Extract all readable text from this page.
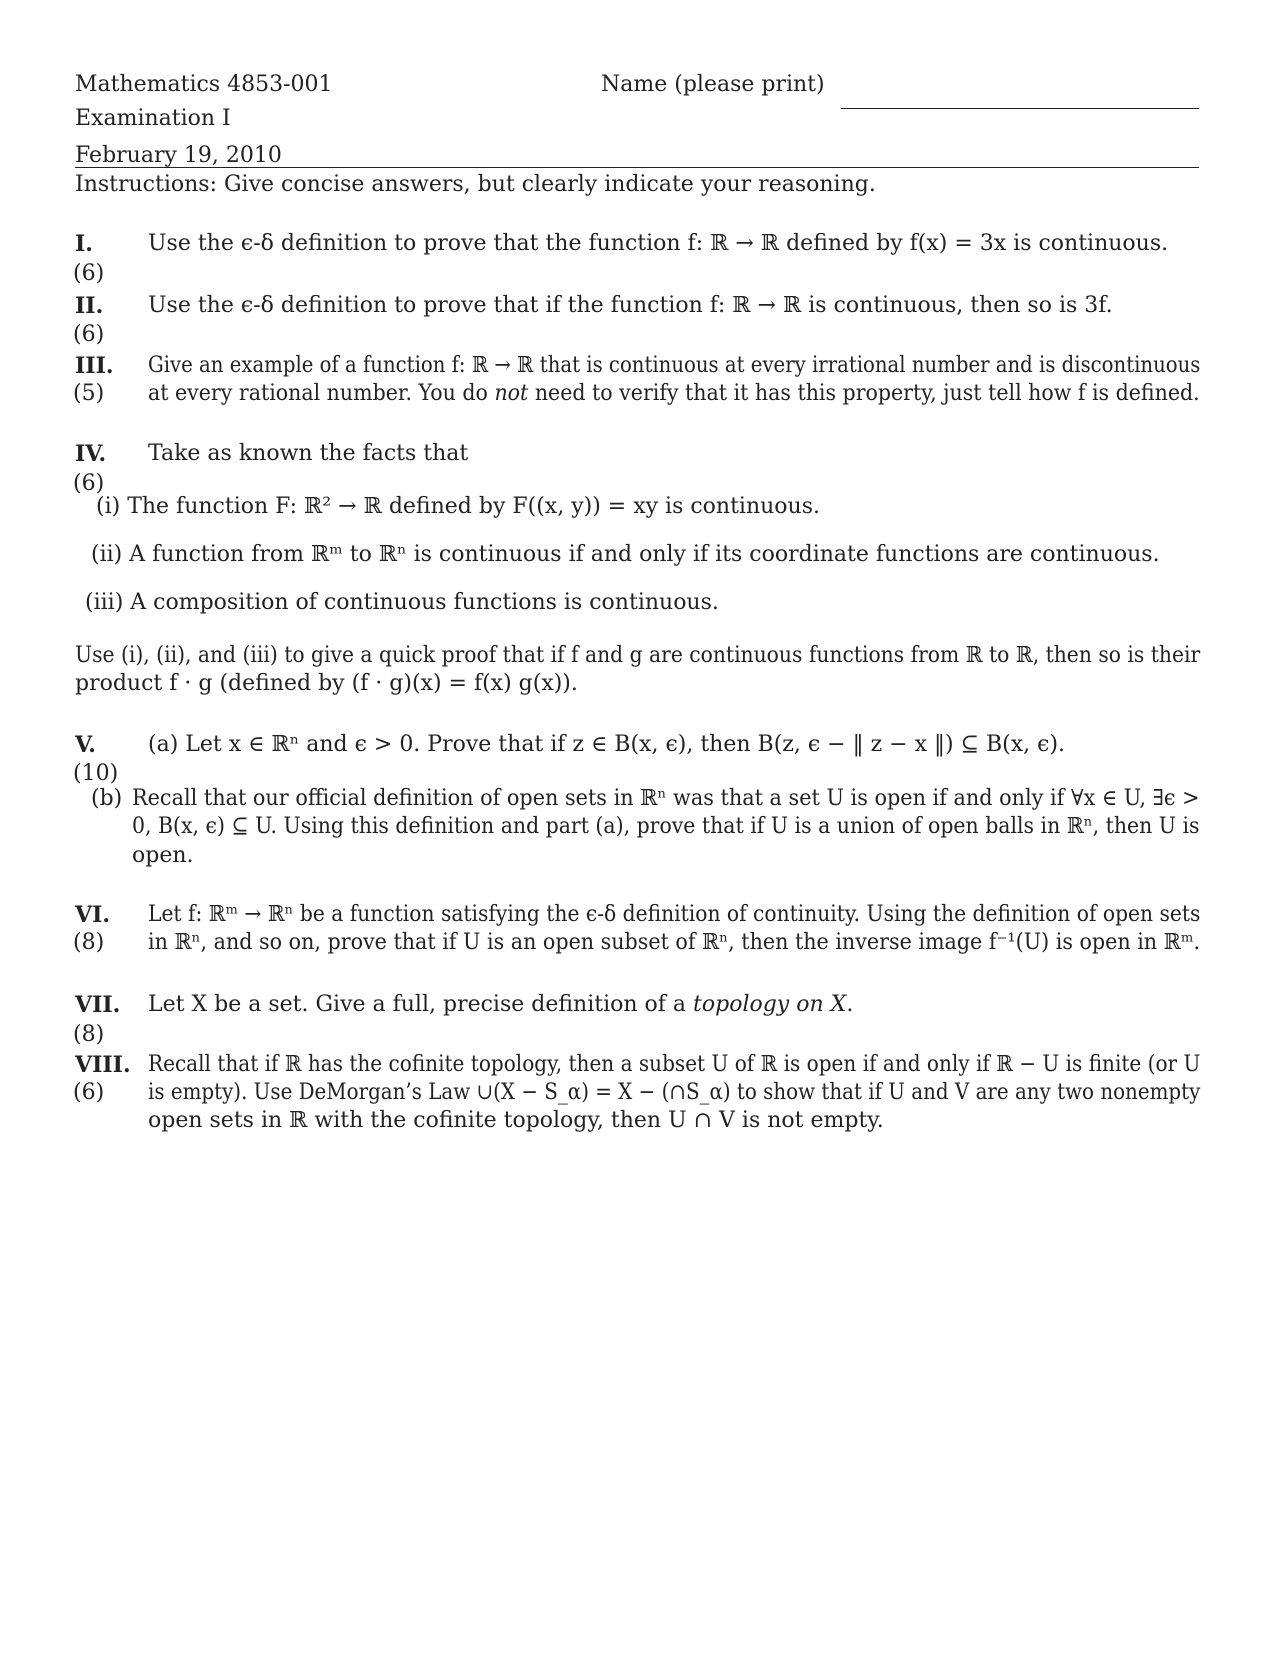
Mathematics 4853-001	Name (please print)
Examination I
February 19, 2010
Instructions: Give concise answers, but clearly indicate your reasoning.
I.	Use the ϵ-δ definition to prove that the function f: ℝ → ℝ defined by f(x) = 3x is continuous.
(6)
II. Use the ϵ-δ definition to prove that if the function f: ℝ → ℝ is continuous, then so is 3f.
(6)
III. Give an example of a function f: ℝ → ℝ that is continuous at every irrational number and is discontinuous
(5) at every rational number. You do not need to verify that it has this property, just tell how f is defined.
IV. Take as known the facts that
(6)
(i) The function F: ℝ² → ℝ defined by F((x, y)) = xy is continuous.
(ii) A function from ℝᵐ to ℝⁿ is continuous if and only if its coordinate functions are continuous.
(iii) A composition of continuous functions is continuous.
Use (i), (ii), and (iii) to give a quick proof that if f and g are continuous functions from ℝ to ℝ, then so is their
product f · g (defined by (f · g)(x) = f(x) g(x)).
V. (a) Let x ∈ ℝⁿ and ϵ > 0. Prove that if z ∈ B(x, ϵ), then B(z, ϵ − ‖ z − x ‖) ⊆ B(x, ϵ).
(10)
(b) Recall that our official definition of open sets in ℝⁿ was that a set U is open if and only if ∀x ∈ U, ∃ϵ >
0, B(x, ϵ) ⊆ U. Using this definition and part (a), prove that if U is a union of open balls in ℝⁿ, then U is
open.
VI. Let f: ℝᵐ → ℝⁿ be a function satisfying the ϵ-δ definition of continuity. Using the definition of open sets
(8) in ℝⁿ, and so on, prove that if U is an open subset of ℝⁿ, then the inverse image f⁻¹(U) is open in ℝᵐ.
VII. Let X be a set. Give a full, precise definition of a topology on X.
(8)
VIII. Recall that if ℝ has the cofinite topology, then a subset U of ℝ is open if and only if ℝ − U is finite (or U
(6) is empty). Use DeMorgan’s Law ∪(X − S_α) = X − (∩S_α) to show that if U and V are any two nonempty
open sets in ℝ with the cofinite topology, then U ∩ V is not empty.
